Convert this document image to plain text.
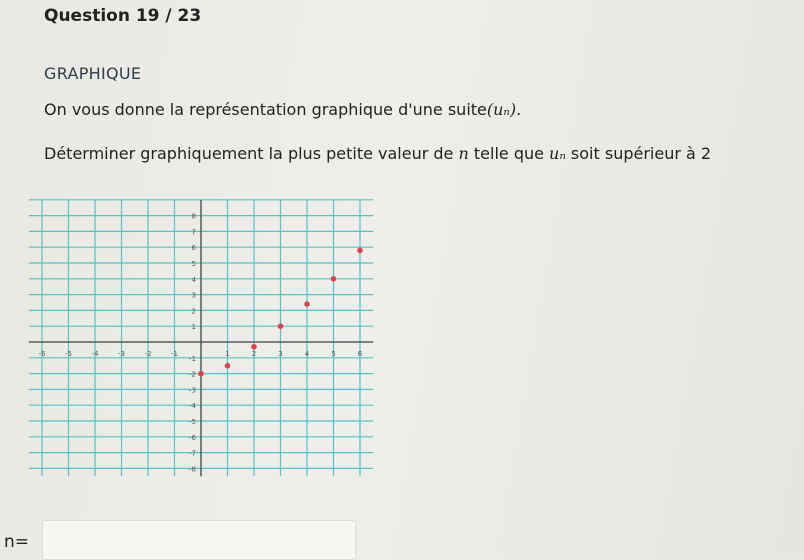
Question 19 / 23
GRAPHIQUE
On vous donne la représentation graphique d'une suite(uₙ).
Déterminer graphiquement la plus petite valeur de n telle que uₙ soit supérieur à 2
-6	-5	-4	-3	-2	-1	1	2	3	4	5	6
8
7
6
5
4
3
2
1
-1
-2
-3
-4
-5
-6
-7
-8
n=
